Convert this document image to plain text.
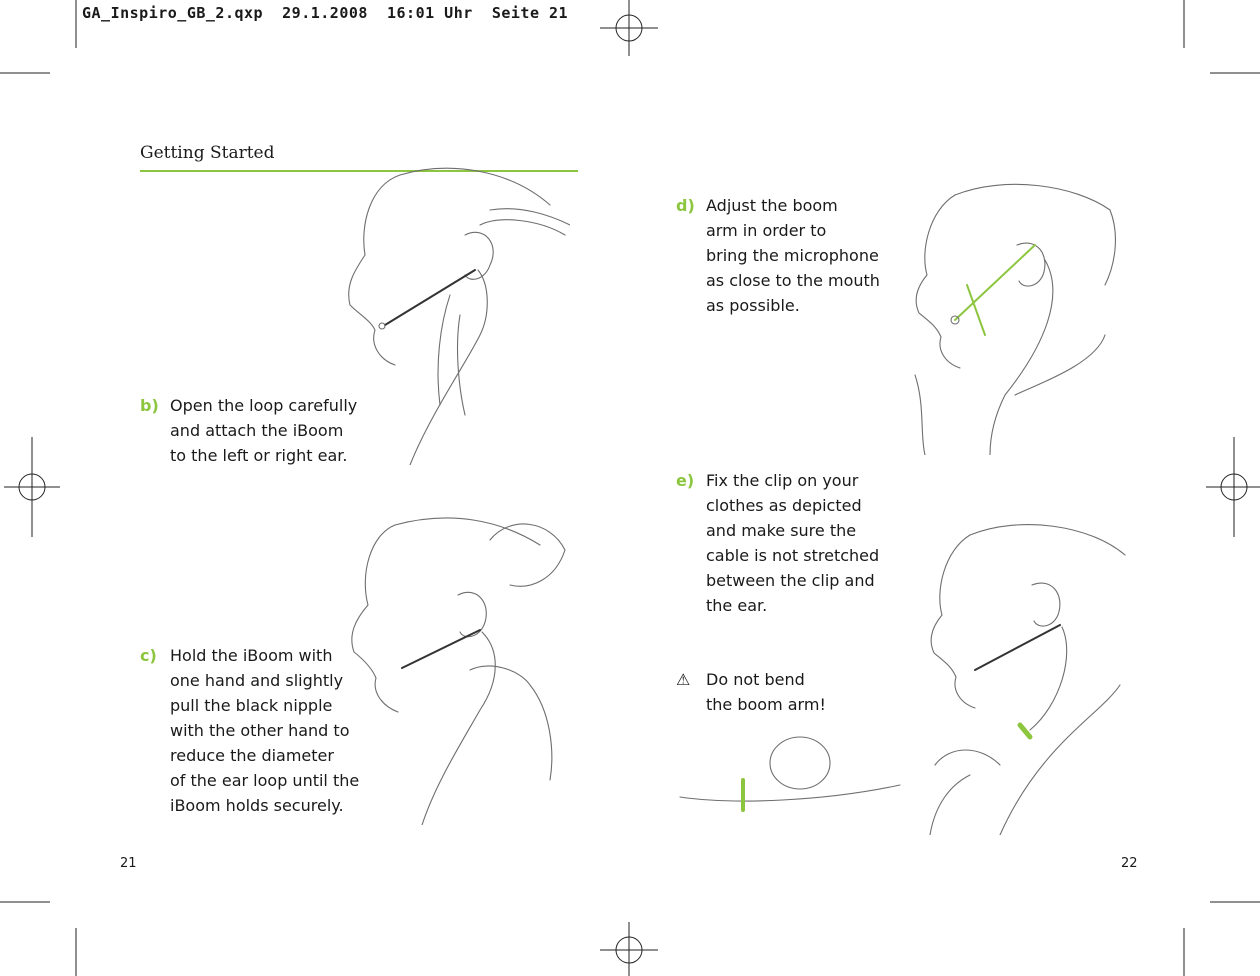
GA_Inspiro_GB_2.qxp  29.1.2008  16:01 Uhr  Seite 21
Getting Started
b) Open the loop carefully
and attach the iBoom
to the left or right ear.
c) Hold the iBoom with
one hand and slightly
pull the black nipple
with the other hand to
reduce the diameter
of the ear loop until the
iBoom holds securely.
d) Adjust the boom
arm in order to
bring the microphone
as close to the mouth
as possible.
e) Fix the clip on your
clothes as depicted
and make sure the
cable is not stretched
between the clip and
the ear.
⚠ Do not bend
the boom arm!
21	22
